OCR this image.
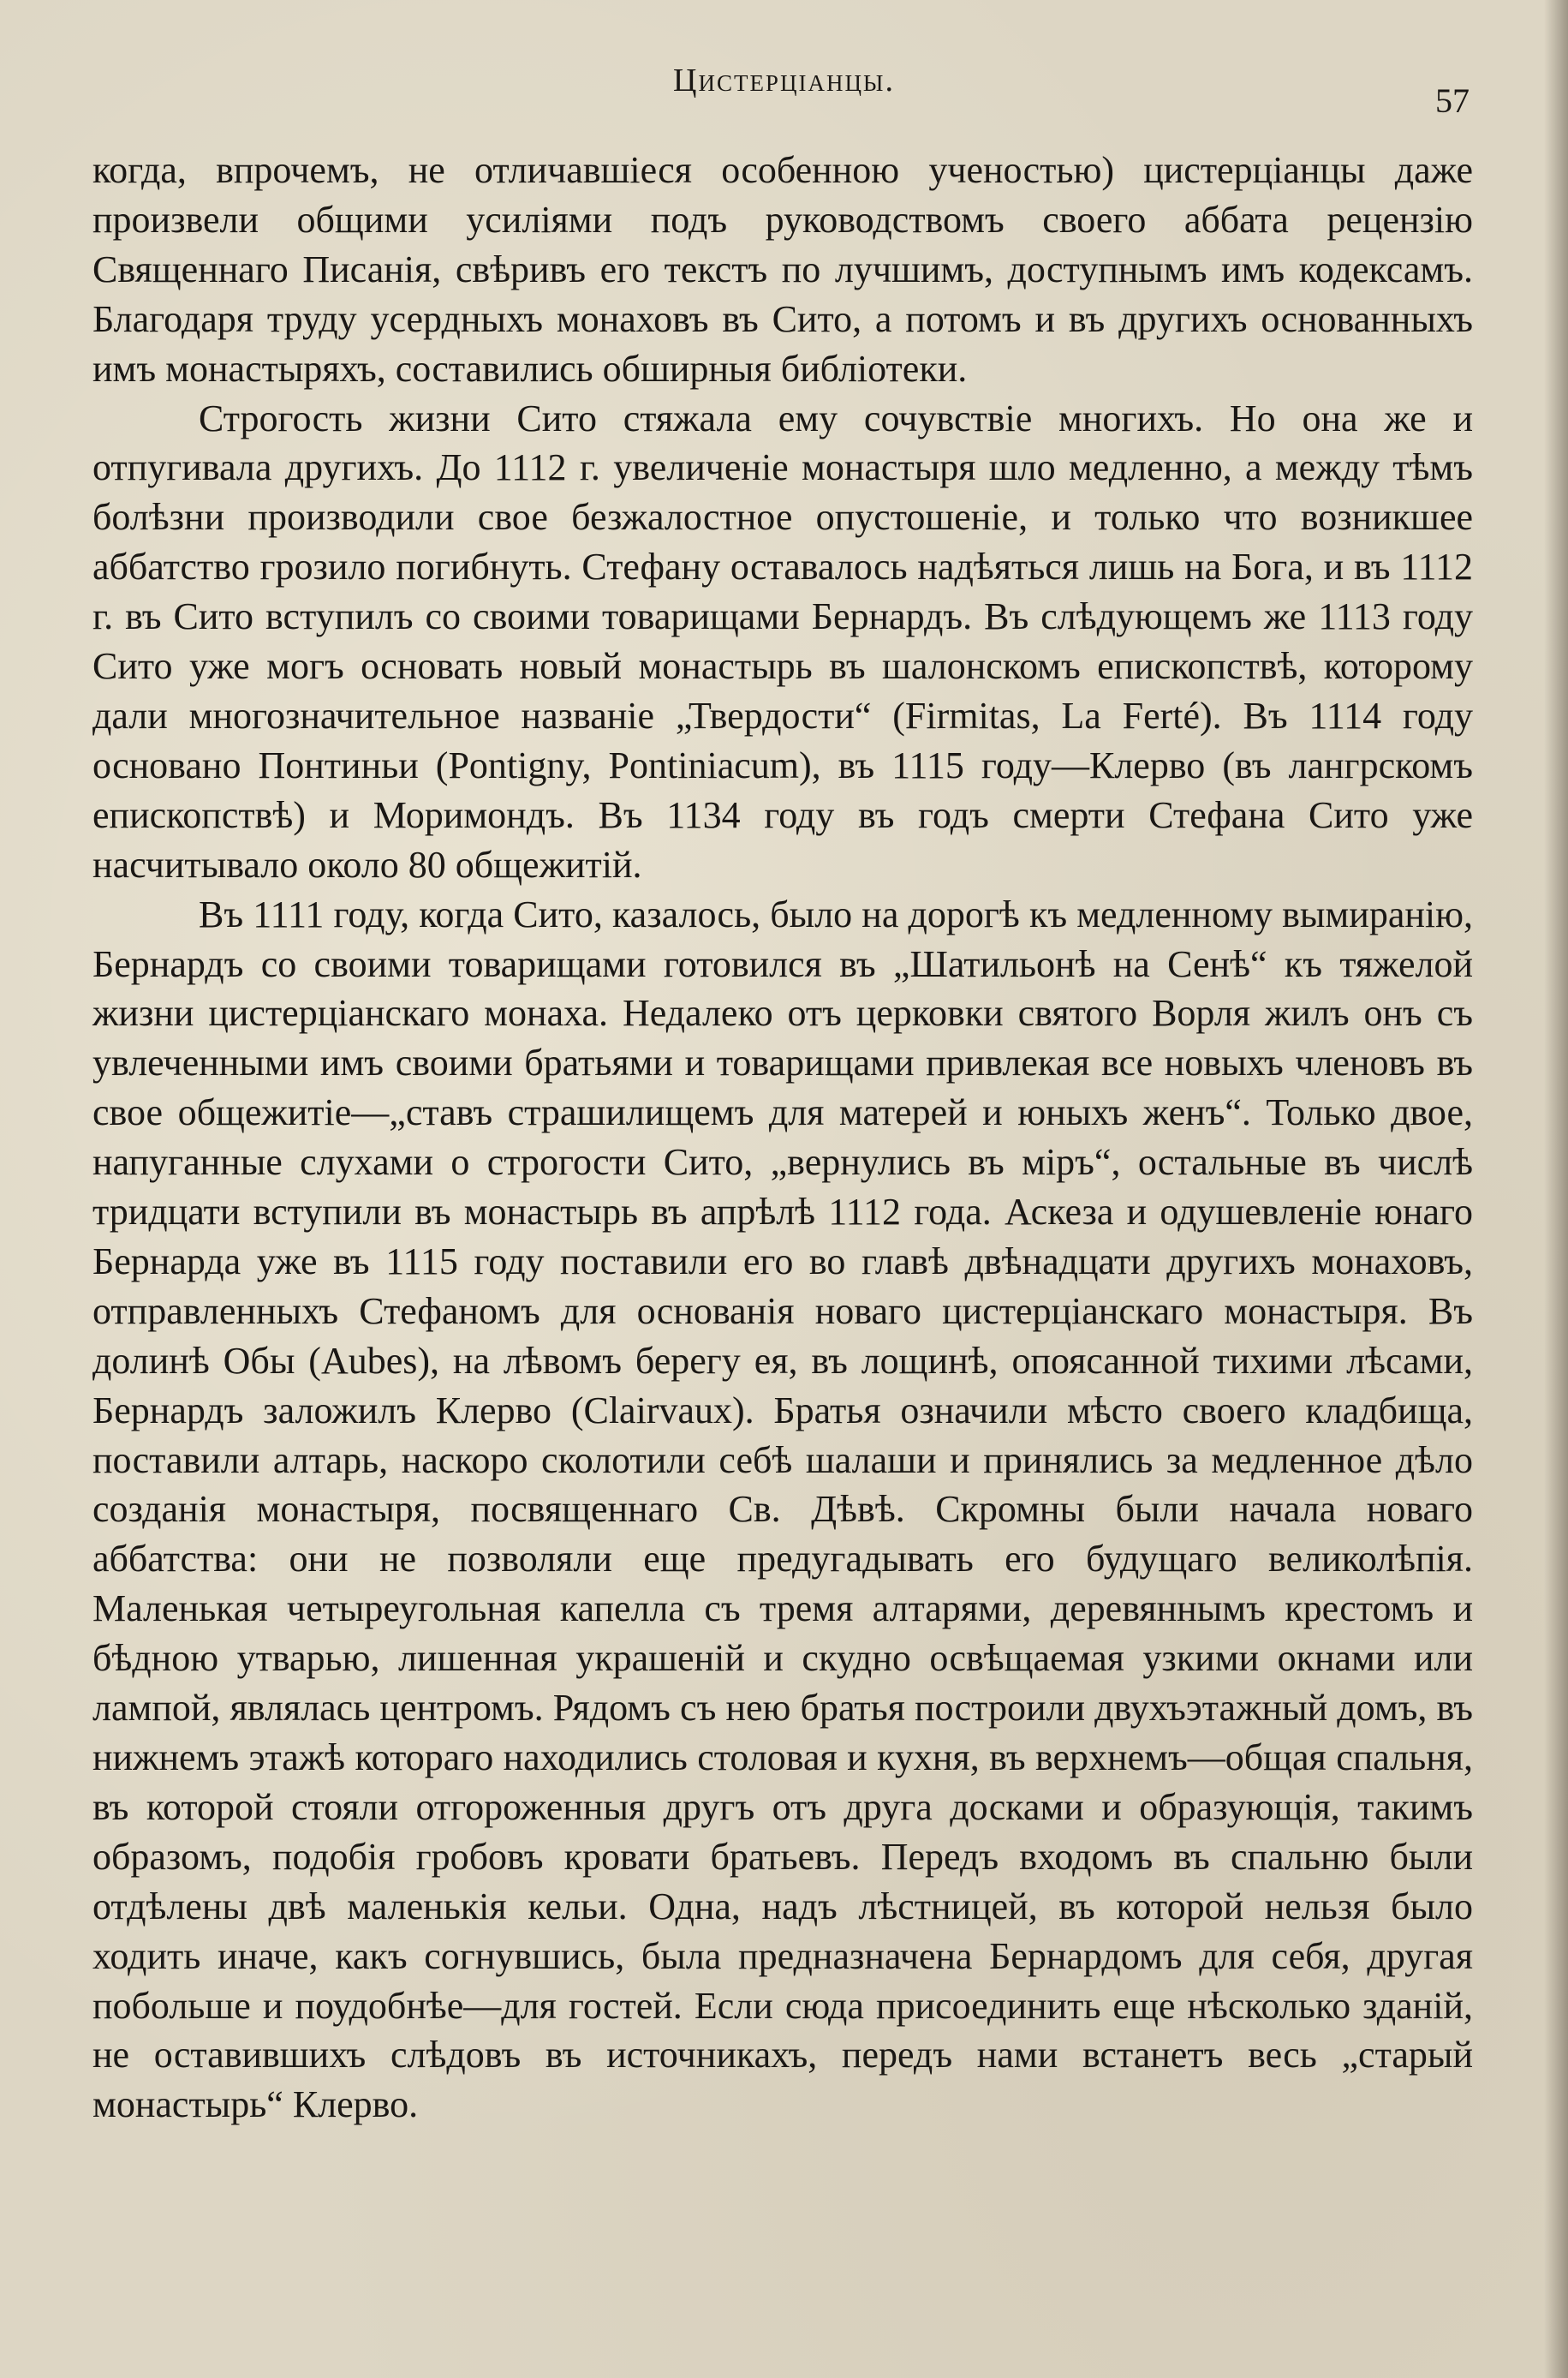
Цистерціанцы.
57

когда, впрочемъ, не отличавшіеся особенною ученостью) цистерціанцы даже произвели общими усиліями подъ руководствомъ своего аббата рецензію Священнаго Писанія, свѣривъ его текстъ по лучшимъ, доступнымъ имъ кодексамъ. Благодаря труду усердныхъ монаховъ въ Сито, а потомъ и въ другихъ основанныхъ имъ монастыряхъ, составились обширныя библіотеки.

Строгость жизни Сито стяжала ему сочувствіе многихъ. Но она же и отпугивала другихъ. До 1112 г. увеличеніе монастыря шло медленно, а между тѣмъ болѣзни производили свое безжалостное опустошеніе, и только что возникшее аббатство грозило погибнуть. Стефану оставалось надѣяться лишь на Бога, и въ 1112 г. въ Сито вступилъ со своими товарищами Бернардъ. Въ слѣдующемъ же 1113 году Сито уже могъ основать новый монастырь въ шалонскомъ епископствѣ, которому дали многозначительное названіе „Твердости“ (Firmitas, La Ferté). Въ 1114 году основано Понтиньи (Pontigny, Pontiniacum), въ 1115 году—Клерво (въ лангрскомъ епископствѣ) и Моримондъ. Въ 1134 году въ годъ смерти Стефана Сито уже насчитывало около 80 общежитій.

Въ 1111 году, когда Сито, казалось, было на дорогѣ къ медленному вымиранію, Бернардъ со своими товарищами готовился въ „Шатильонѣ на Сенѣ“ къ тяжелой жизни цистерціанскаго монаха. Недалеко отъ церковки святого Ворля жилъ онъ съ увлеченными имъ своими братьями и товарищами привлекая все новыхъ членовъ въ свое общежитіе—„ставъ страшилищемъ для матерей и юныхъ женъ“. Только двое, напуганные слухами о строгости Сито, „вернулись въ міръ“, остальные въ числѣ тридцати вступили въ монастырь въ апрѣлѣ 1112 года. Аскеза и одушевленіе юнаго Бернарда уже въ 1115 году поставили его во главѣ двѣнадцати другихъ монаховъ, отправленныхъ Стефаномъ для основанія новаго цистерціанскаго монастыря. Въ долинѣ Обы (Aubes), на лѣвомъ берегу ея, въ лощинѣ, опоясанной тихими лѣсами, Бернардъ заложилъ Клерво (Clairvaux). Братья означили мѣсто своего кладбища, поставили алтарь, наскоро сколотили себѣ шалаши и принялись за медленное дѣло созданія монастыря, посвященнаго Св. Дѣвѣ. Скромны были начала новаго аббатства: они не позволяли еще предугадывать его будущаго великолѣпія. Маленькая четыреугольная капелла съ тремя алтарями, деревяннымъ крестомъ и бѣдною утварью, лишенная украшеній и скудно освѣщаемая узкими окнами или лампой, являлась центромъ. Рядомъ съ нею братья построили двухъэтажный домъ, въ нижнемъ этажѣ котораго находились столовая и кухня, въ верхнемъ—общая спальня, въ которой стояли отгороженныя другъ отъ друга досками и образующія, такимъ образомъ, подобія гробовъ кровати братьевъ. Передъ входомъ въ спальню были отдѣлены двѣ маленькія кельи. Одна, надъ лѣстницей, въ которой нельзя было ходить иначе, какъ согнувшись, была предназначена Бернардомъ для себя, другая побольше и поудобнѣе—для гостей. Если сюда присоединить еще нѣсколько зданій, не оставившихъ слѣдовъ въ источникахъ, передъ нами встанетъ весь „старый монастырь“ Клерво.
